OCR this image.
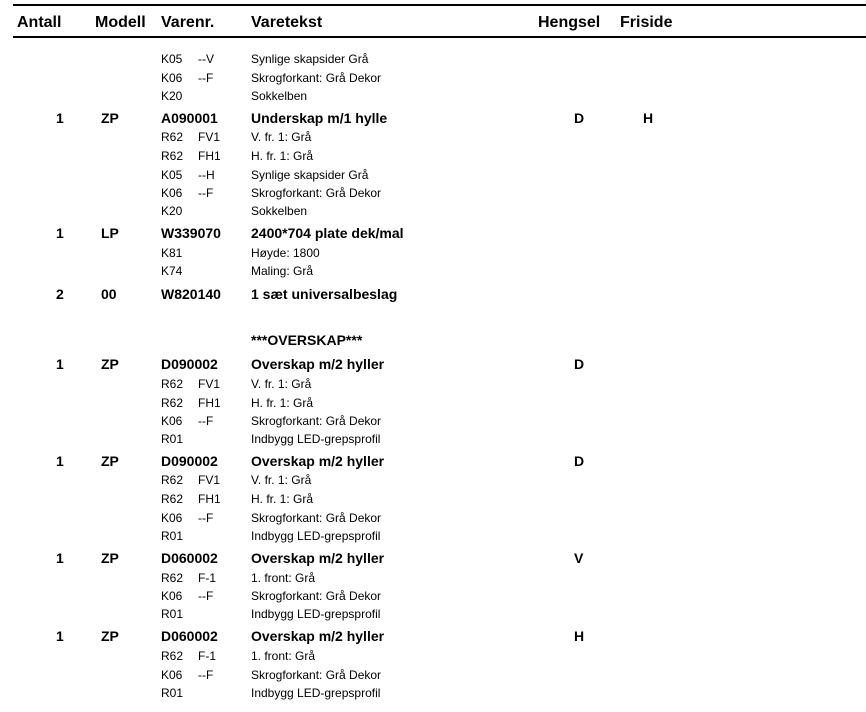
Antall Modell Varenr. Varetekst	Hengsel Friside
K05 --V	Synlige skapsider Grå
K06 --F	Skrogforkant: Grå Dekor
K20	Sokkelben
1	ZP	A090001 Underskap m/1 hylle	D	H
R62 FV1	V. fr. 1: Grå
R62 FH1	H. fr. 1: Grå
K05 --H	Synlige skapsider Grå
K06 --F	Skrogforkant: Grå Dekor
K20	Sokkelben
1	LP	W339070 2400*704 plate dek/mal
K81	Høyde: 1800
K74	Maling: Grå
2	00	W820140 1 sæt universalbeslag
***OVERSKAP***
1	ZP	D090002 Overskap m/2 hyller	D
R62 FV1	V. fr. 1: Grå
R62 FH1	H. fr. 1: Grå
K06 --F	Skrogforkant: Grå Dekor
R01	Indbygg LED-grepsprofil
1	ZP	D090002 Overskap m/2 hyller	D
R62 FV1	V. fr. 1: Grå
R62 FH1	H. fr. 1: Grå
K06 --F	Skrogforkant: Grå Dekor
R01	Indbygg LED-grepsprofil
1	ZP	D060002 Overskap m/2 hyller	V
R62 F-1	1. front: Grå
K06 --F	Skrogforkant: Grå Dekor
R01	Indbygg LED-grepsprofil
1	ZP	D060002 Overskap m/2 hyller	H
R62 F-1	1. front: Grå
K06 --F	Skrogforkant: Grå Dekor
R01	Indbygg LED-grepsprofil
